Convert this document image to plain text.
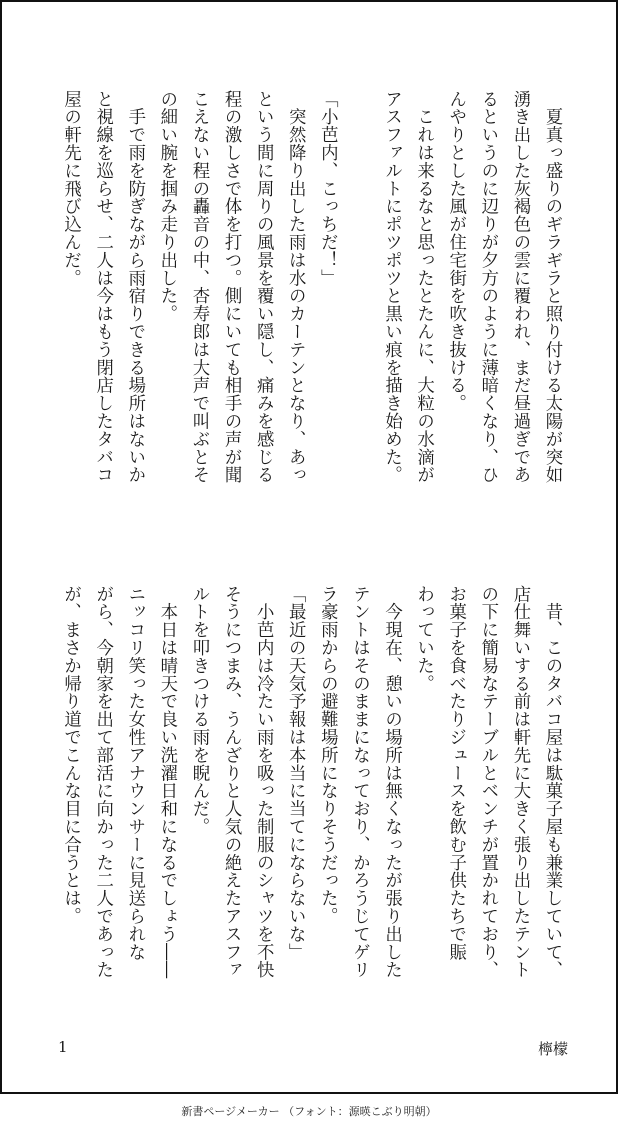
　夏真っ盛りのギラギラと照り付ける太陽が突如
湧き出した灰褐色の雲に覆われ、まだ昼過ぎであ
るというのに辺りが夕方のように薄暗くなり、ひ
んやりとした風が住宅街を吹き抜ける。
　これは来るなと思ったとたんに、大粒の水滴が
アスファルトにポツポツと黒い痕を描き始めた。

「小芭内、こっちだ！」
　突然降り出した雨は水のカーテンとなり、あっ
という間に周りの風景を覆い隠し、痛みを感じる
程の激しさで体を打つ。側にいても相手の声が聞
こえない程の轟音の中、杏寿郎は大声で叫ぶとそ
の細い腕を掴み走り出した。
　手で雨を防ぎながら雨宿りできる場所はないか
と視線を巡らせ、二人は今はもう閉店したタバコ
屋の軒先に飛び込んだ。
　昔、このタバコ屋は駄菓子屋も兼業していて、
店仕舞いする前は軒先に大きく張り出したテント
の下に簡易なテーブルとベンチが置かれており、
お菓子を食べたりジュースを飲む子供たちで賑
わっていた。
　今現在、憩いの場所は無くなったが張り出した
テントはそのままになっており、かろうじてゲリ
ラ豪雨からの避難場所になりそうだった。
「最近の天気予報は本当に当てにならないな」
　小芭内は冷たい雨を吸った制服のシャツを不快
そうにつまみ、うんざりと人気の絶えたアスファ
ルトを叩きつける雨を睨んだ。
　本日は晴天で良い洗濯日和になるでしょう――
ニッコリ笑った女性アナウンサーに見送られな
がら、今朝家を出て部活に向かった二人であった
が、まさか帰り道でこんな目に合うとは。
1	檸檬
新書ページメーカー （フォント：源暎こぶり明朝）
